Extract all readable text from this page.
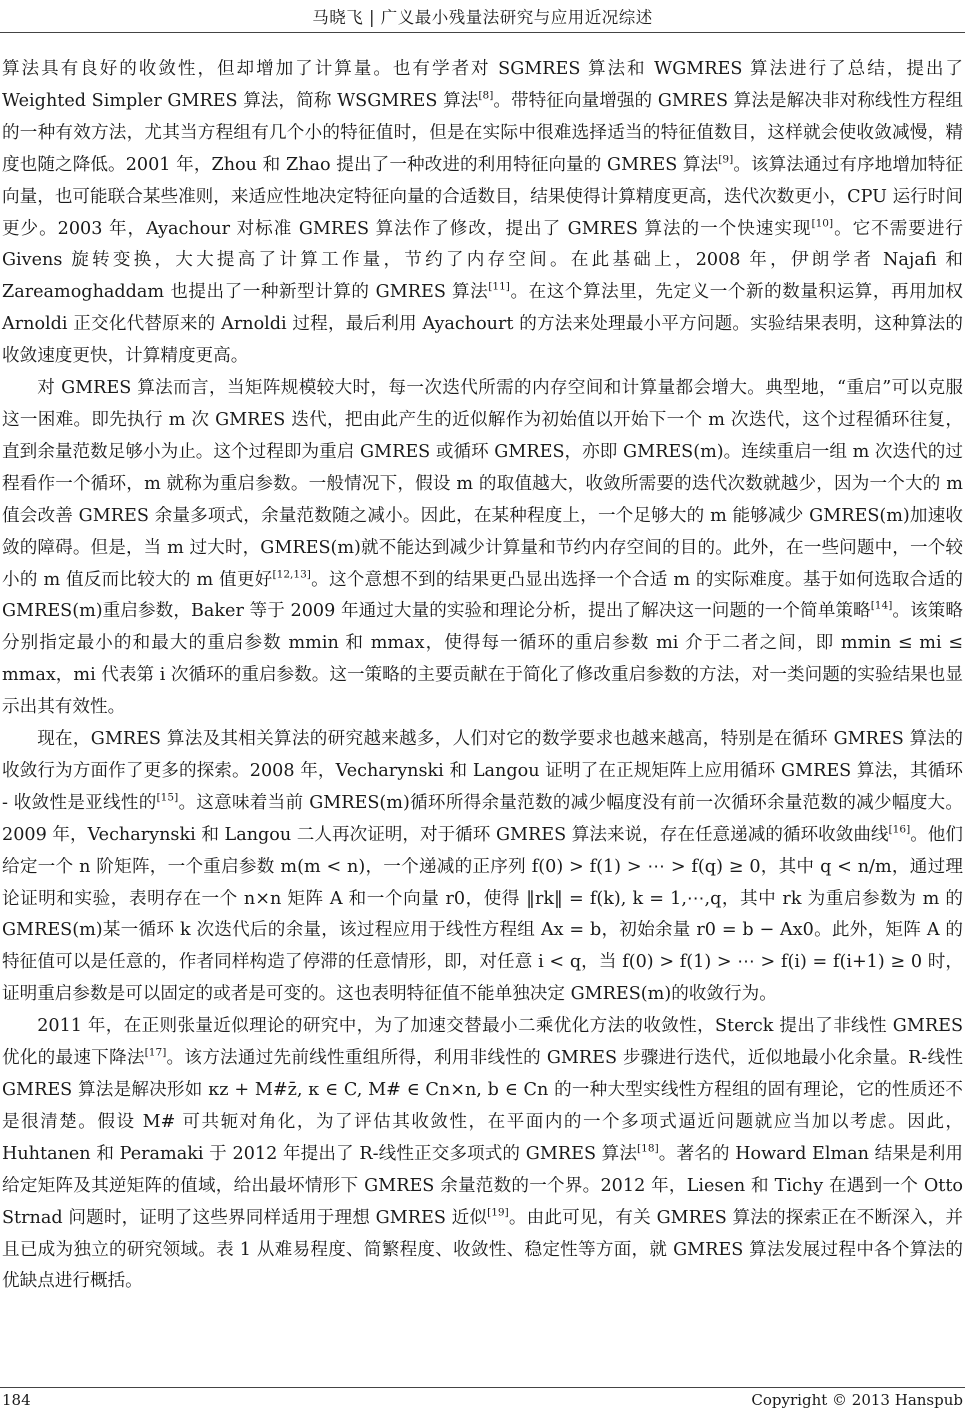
马晓飞 | 广义最小残量法研究与应用近况综述

算法具有良好的收敛性，但却增加了计算量。也有学者对 SGMRES 算法和 WGMRES 算法进行了总结，提出了 Weighted Simpler GMRES 算法，简称 WSGMRES 算法[8]。带特征向量增强的 GMRES 算法是解决非对称线性方程组的一种有效方法，尤其当方程组有几个小的特征值时，但是在实际中很难选择适当的特征值数目，这样就会使收敛减慢，精度也随之降低。2001 年，Zhou 和 Zhao 提出了一种改进的利用特征向量的 GMRES 算法[9]。该算法通过有序地增加特征向量，也可能联合某些准则，来适应性地决定特征向量的合适数目，结果使得计算精度更高，迭代次数更小，CPU 运行时间更少。2003 年，Ayachour 对标准 GMRES 算法作了修改，提出了 GMRES 算法的一个快速实现[10]。它不需要进行 Givens 旋转变换，大大提高了计算工作量，节约了内存空间。在此基础上，2008 年，伊朗学者 Najafi 和 Zareamoghaddam 也提出了一种新型计算的 GMRES 算法[11]。在这个算法里，先定义一个新的数量积运算，再用加权 Arnoldi 正交化代替原来的 Arnoldi 过程，最后利用 Ayachourt 的方法来处理最小平方问题。实验结果表明，这种算法的收敛速度更快，计算精度更高。

对 GMRES 算法而言，当矩阵规模较大时，每一次迭代所需的内存空间和计算量都会增大。典型地，“重启”可以克服这一困难。即先执行 m 次 GMRES 迭代，把由此产生的近似解作为初始值以开始下一个 m 次迭代，这个过程循环往复，直到余量范数足够小为止。这个过程即为重启 GMRES 或循环 GMRES，亦即 GMRES(m)。连续重启一组 m 次迭代的过程看作一个循环，m 就称为重启参数。一般情况下，假设 m 的取值越大，收敛所需要的迭代次数就越少，因为一个大的 m 值会改善 GMRES 余量多项式，余量范数随之减小。因此，在某种程度上，一个足够大的 m 能够减少 GMRES(m)加速收敛的障碍。但是，当 m 过大时，GMRES(m)就不能达到减少计算量和节约内存空间的目的。此外，在一些问题中，一个较小的 m 值反而比较大的 m 值更好[12,13]。这个意想不到的结果更凸显出选择一个合适 m 的实际难度。基于如何选取合适的 GMRES(m)重启参数，Baker 等于 2009 年通过大量的实验和理论分析，提出了解决这一问题的一个简单策略[14]。该策略分别指定最小的和最大的重启参数 mmin 和 mmax，使得每一循环的重启参数 mi 介于二者之间，即 mmin ≤ mi ≤ mmax，mi 代表第 i 次循环的重启参数。这一策略的主要贡献在于简化了修改重启参数的方法，对一类问题的实验结果也显示出其有效性。

现在，GMRES 算法及其相关算法的研究越来越多，人们对它的数学要求也越来越高，特别是在循环 GMRES 算法的收敛行为方面作了更多的探索。2008 年，Vecharynski 和 Langou 证明了在正规矩阵上应用循环 GMRES 算法，其循环 - 收敛性是亚线性的[15]。这意味着当前 GMRES(m)循环所得余量范数的减少幅度没有前一次循环余量范数的减少幅度大。2009 年，Vecharynski 和 Langou 二人再次证明，对于循环 GMRES 算法来说，存在任意递减的循环收敛曲线[16]。他们给定一个 n 阶矩阵，一个重启参数 m(m < n)，一个递减的正序列 f(0) > f(1) > ⋯ > f(q) ≥ 0，其中 q < n/m，通过理论证明和实验，表明存在一个 n×n 矩阵 A 和一个向量 r0，使得 ‖rk‖ = f(k), k = 1,⋯,q，其中 rk 为重启参数为 m 的 GMRES(m)某一循环 k 次迭代后的余量，该过程应用于线性方程组 Ax = b，初始余量 r0 = b − Ax0。此外，矩阵 A 的特征值可以是任意的，作者同样构造了停滞的任意情形，即，对任意 i < q，当 f(0) > f(1) > ⋯ > f(i) = f(i+1) ≥ 0 时，证明重启参数是可以固定的或者是可变的。这也表明特征值不能单独决定 GMRES(m)的收敛行为。

2011 年，在正则张量近似理论的研究中，为了加速交替最小二乘优化方法的收敛性，Sterck 提出了非线性 GMRES 优化的最速下降法[17]。该方法通过先前线性重组所得，利用非线性的 GMRES 步骤进行迭代，近似地最小化余量。R-线性 GMRES 算法是解决形如 κz + M#z̄, κ ∈ C, M# ∈ Cn×n, b ∈ Cn 的一种大型实线性方程组的固有理论，它的性质还不是很清楚。假设 M# 可共轭对角化，为了评估其收敛性，在平面内的一个多项式逼近问题就应当加以考虑。因此，Huhtanen 和 Peramaki 于 2012 年提出了 R-线性正交多项式的 GMRES 算法[18]。著名的 Howard Elman 结果是利用给定矩阵及其逆矩阵的值域，给出最坏情形下 GMRES 余量范数的一个界。2012 年，Liesen 和 Tichy 在遇到一个 Otto Strnad 问题时，证明了这些界同样适用于理想 GMRES 近似[19]。由此可见，有关 GMRES 算法的探索正在不断深入，并且已成为独立的研究领域。表 1 从难易程度、简繁程度、收敛性、稳定性等方面，就 GMRES 算法发展过程中各个算法的优缺点进行概括。

184	Copyright © 2013 Hanspub
